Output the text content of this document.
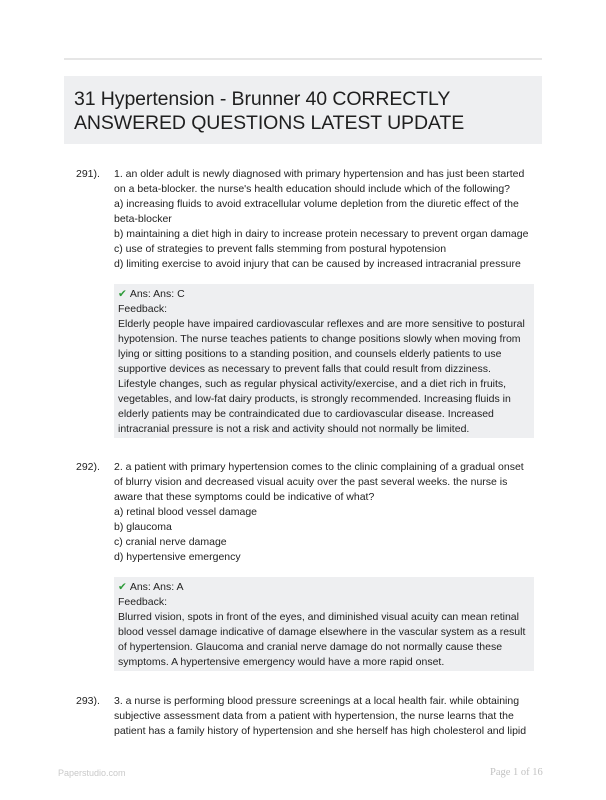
31 Hypertension - Brunner 40 CORRECTLY ANSWERED QUESTIONS LATEST UPDATE
291). 1. an older adult is newly diagnosed with primary hypertension and has just been started
on a beta-blocker. the nurse's health education should include which of the following?
a) increasing fluids to avoid extracellular volume depletion from the diuretic effect of the
beta-blocker
b) maintaining a diet high in dairy to increase protein necessary to prevent organ damage
c) use of strategies to prevent falls stemming from postural hypotension
d) limiting exercise to avoid injury that can be caused by increased intracranial pressure
✔ Ans: Ans: C
Feedback:
Elderly people have impaired cardiovascular reflexes and are more sensitive to postural hypotension. The nurse teaches patients to change positions slowly when moving from lying or sitting positions to a standing position, and counsels elderly patients to use supportive devices as necessary to prevent falls that could result from dizziness. Lifestyle changes, such as regular physical activity/exercise, and a diet rich in fruits, vegetables, and low-fat dairy products, is strongly recommended. Increasing fluids in elderly patients may be contraindicated due to cardiovascular disease. Increased intracranial pressure is not a risk and activity should not normally be limited.
292). 2. a patient with primary hypertension comes to the clinic complaining of a gradual onset
of blurry vision and decreased visual acuity over the past several weeks. the nurse is
aware that these symptoms could be indicative of what?
a) retinal blood vessel damage
b) glaucoma
c) cranial nerve damage
d) hypertensive emergency
✔ Ans: Ans: A
Feedback:
Blurred vision, spots in front of the eyes, and diminished visual acuity can mean retinal blood vessel damage indicative of damage elsewhere in the vascular system as a result of hypertension. Glaucoma and cranial nerve damage do not normally cause these symptoms. A hypertensive emergency would have a more rapid onset.
293). 3. a nurse is performing blood pressure screenings at a local health fair. while obtaining
subjective assessment data from a patient with hypertension, the nurse learns that the
patient has a family history of hypertension and she herself has high cholesterol and lipid
Paperstudio.com	Page 1 of 16
